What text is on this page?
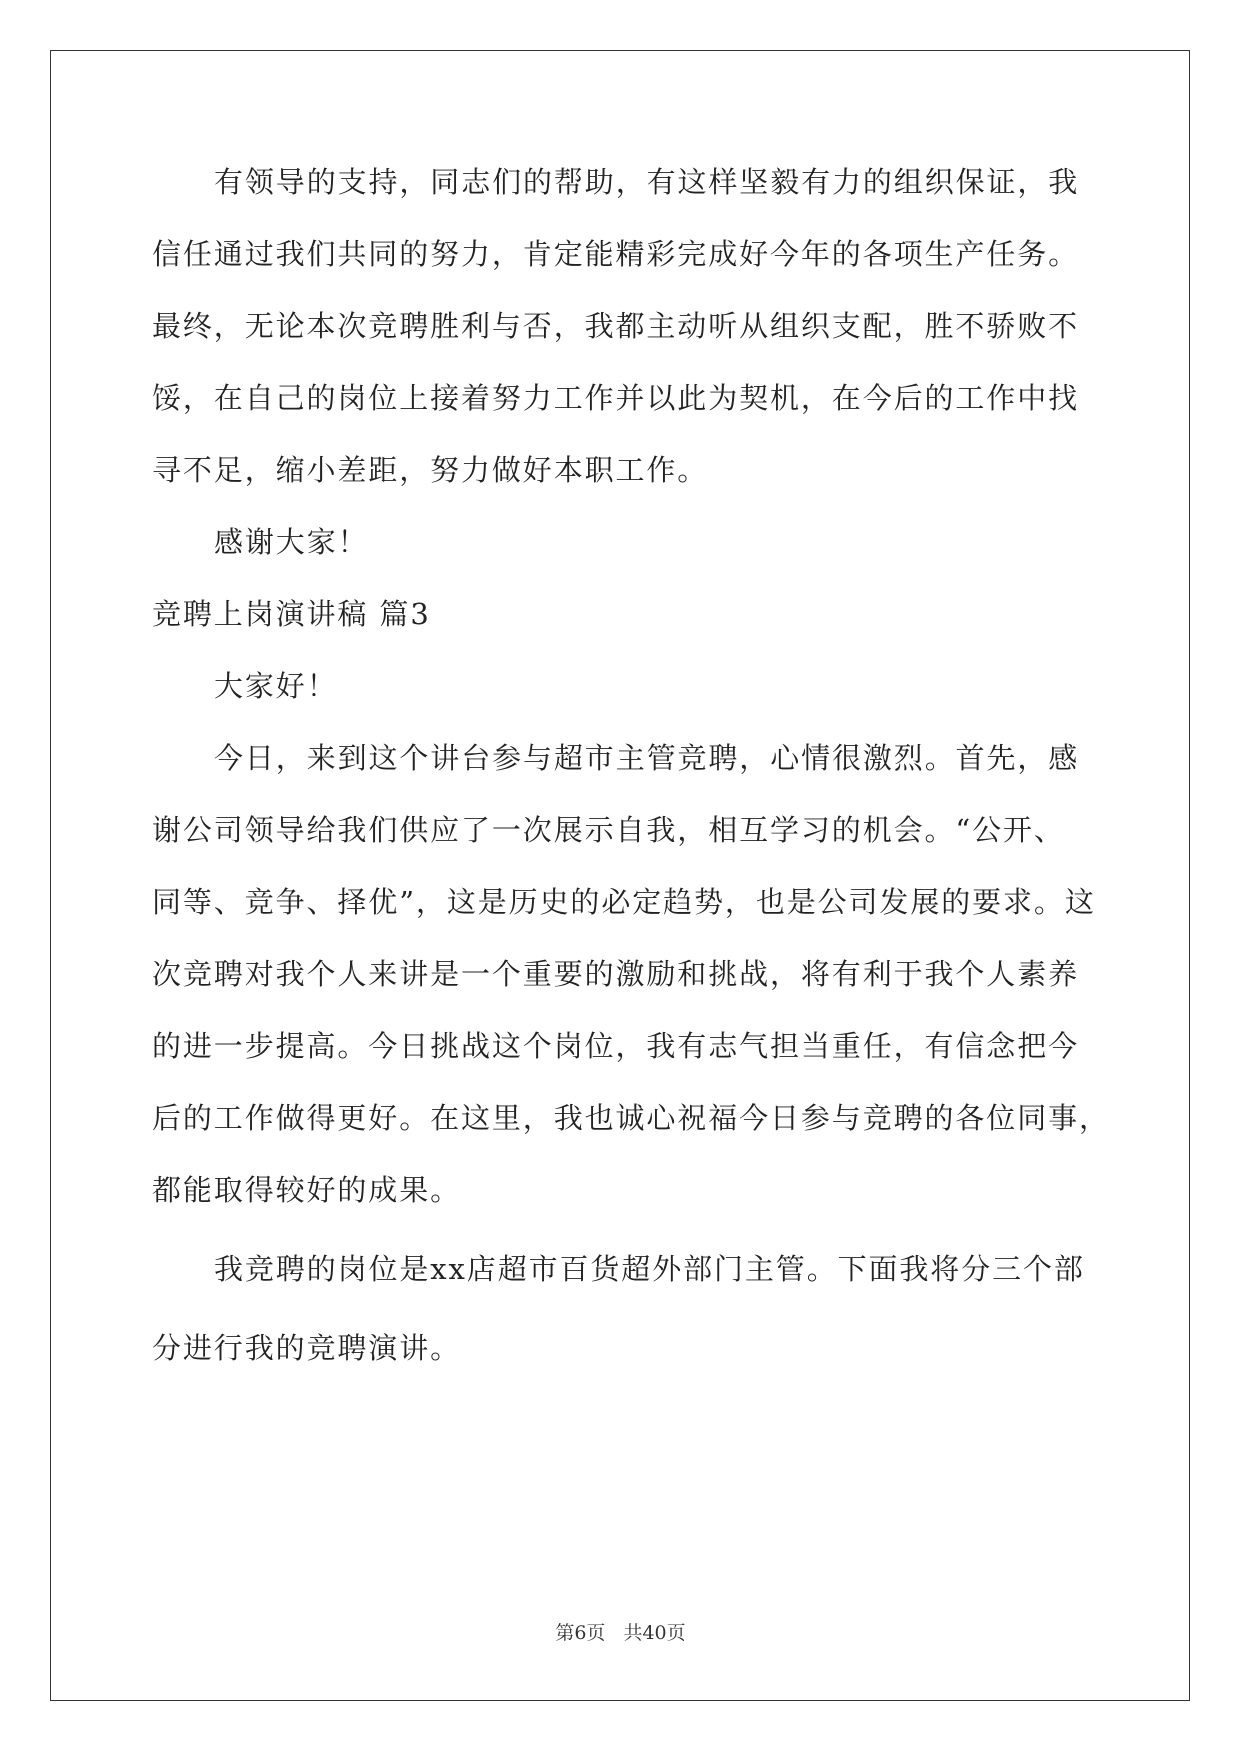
有领导的支持，同志们的帮助，有这样坚毅有力的组织保证，我
信任通过我们共同的努力，肯定能精彩完成好今年的各项生产任务。
最终，无论本次竞聘胜利与否，我都主动听从组织支配，胜不骄败不
馁，在自己的岗位上接着努力工作并以此为契机，在今后的工作中找
寻不足，缩小差距，努力做好本职工作。
感谢大家！
竞聘上岗演讲稿 篇3
大家好！
今日，来到这个讲台参与超市主管竞聘，心情很激烈。首先，感
谢公司领导给我们供应了一次展示自我，相互学习的机会。“公开、
同等、竞争、择优”，这是历史的必定趋势，也是公司发展的要求。这
次竞聘对我个人来讲是一个重要的激励和挑战，将有利于我个人素养
的进一步提高。今日挑战这个岗位，我有志气担当重任，有信念把今
后的工作做得更好。在这里，我也诚心祝福今日参与竞聘的各位同事，
都能取得较好的成果。
我竞聘的岗位是xx店超市百货超外部门主管。下面我将分三个部
分进行我的竞聘演讲。
第6页 共40页
